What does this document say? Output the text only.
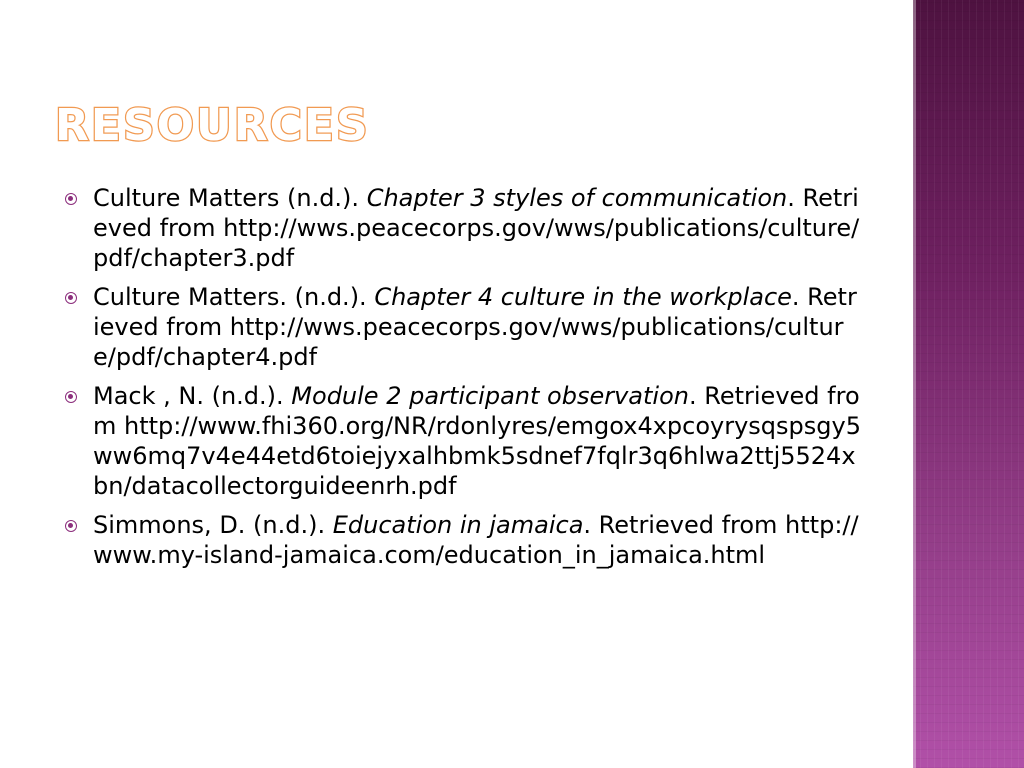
RESOURCES
Culture Matters (n.d.). Chapter 3 styles of communication. Retrieved from http://wws.peacecorps.gov/wws/publications/culture/pdf/chapter3.pdf
Culture Matters. (n.d.). Chapter 4 culture in the workplace. Retrieved from http://wws.peacecorps.gov/wws/publications/culture/pdf/chapter4.pdf
Mack , N. (n.d.). Module 2 participant observation. Retrieved from http://www.fhi360.org/NR/rdonlyres/emgox4xpcoyrysqspsgy5ww6mq7v4e44etd6toiejyxalhbmk5sdnef7fqlr3q6hlwa2ttj5524xbn/datacollectorguideenrh.pdf
Simmons, D. (n.d.). Education in jamaica. Retrieved from http://www.my-island-jamaica.com/education_in_jamaica.html
